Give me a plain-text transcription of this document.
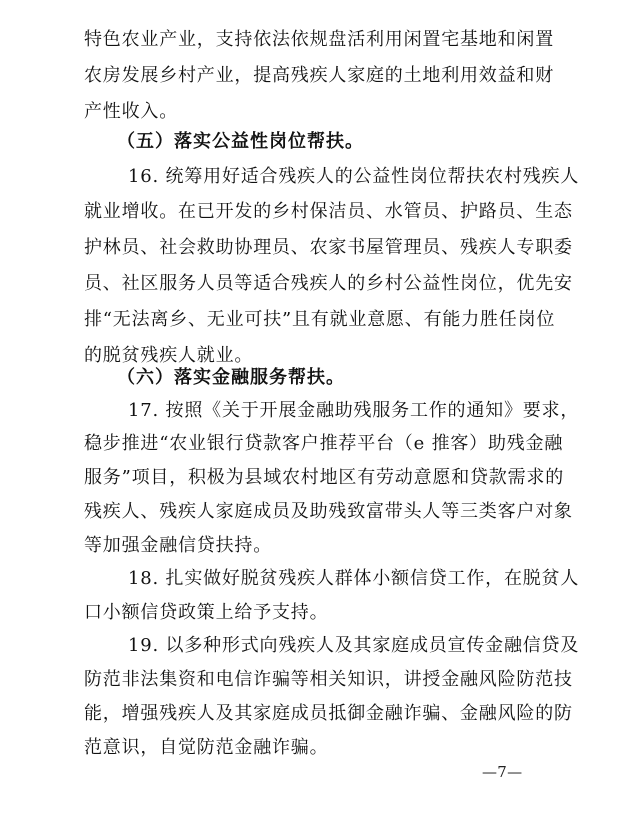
特色农业产业，支持依法依规盘活利用闲置宅基地和闲置
农房发展乡村产业，提高残疾人家庭的土地利用效益和财
产性收入。
（五）落实公益性岗位帮扶。
16. 统筹用好适合残疾人的公益性岗位帮扶农村残疾人
就业增收。在已开发的乡村保洁员、水管员、护路员、生态
护林员、社会救助协理员、农家书屋管理员、残疾人专职委
员、社区服务人员等适合残疾人的乡村公益性岗位，优先安
排“无法离乡、无业可扶”且有就业意愿、有能力胜任岗位
的脱贫残疾人就业。
（六）落实金融服务帮扶。
17. 按照《关于开展金融助残服务工作的通知》要求，
稳步推进“农业银行贷款客户推荐平台（e 推客）助残金融
服务”项目，积极为县域农村地区有劳动意愿和贷款需求的
残疾人、残疾人家庭成员及助残致富带头人等三类客户对象
等加强金融信贷扶持。
18. 扎实做好脱贫残疾人群体小额信贷工作，在脱贫人
口小额信贷政策上给予支持。
19. 以多种形式向残疾人及其家庭成员宣传金融信贷及
防范非法集资和电信诈骗等相关知识，讲授金融风险防范技
能，增强残疾人及其家庭成员抵御金融诈骗、金融风险的防
范意识，自觉防范金融诈骗。
—7—
